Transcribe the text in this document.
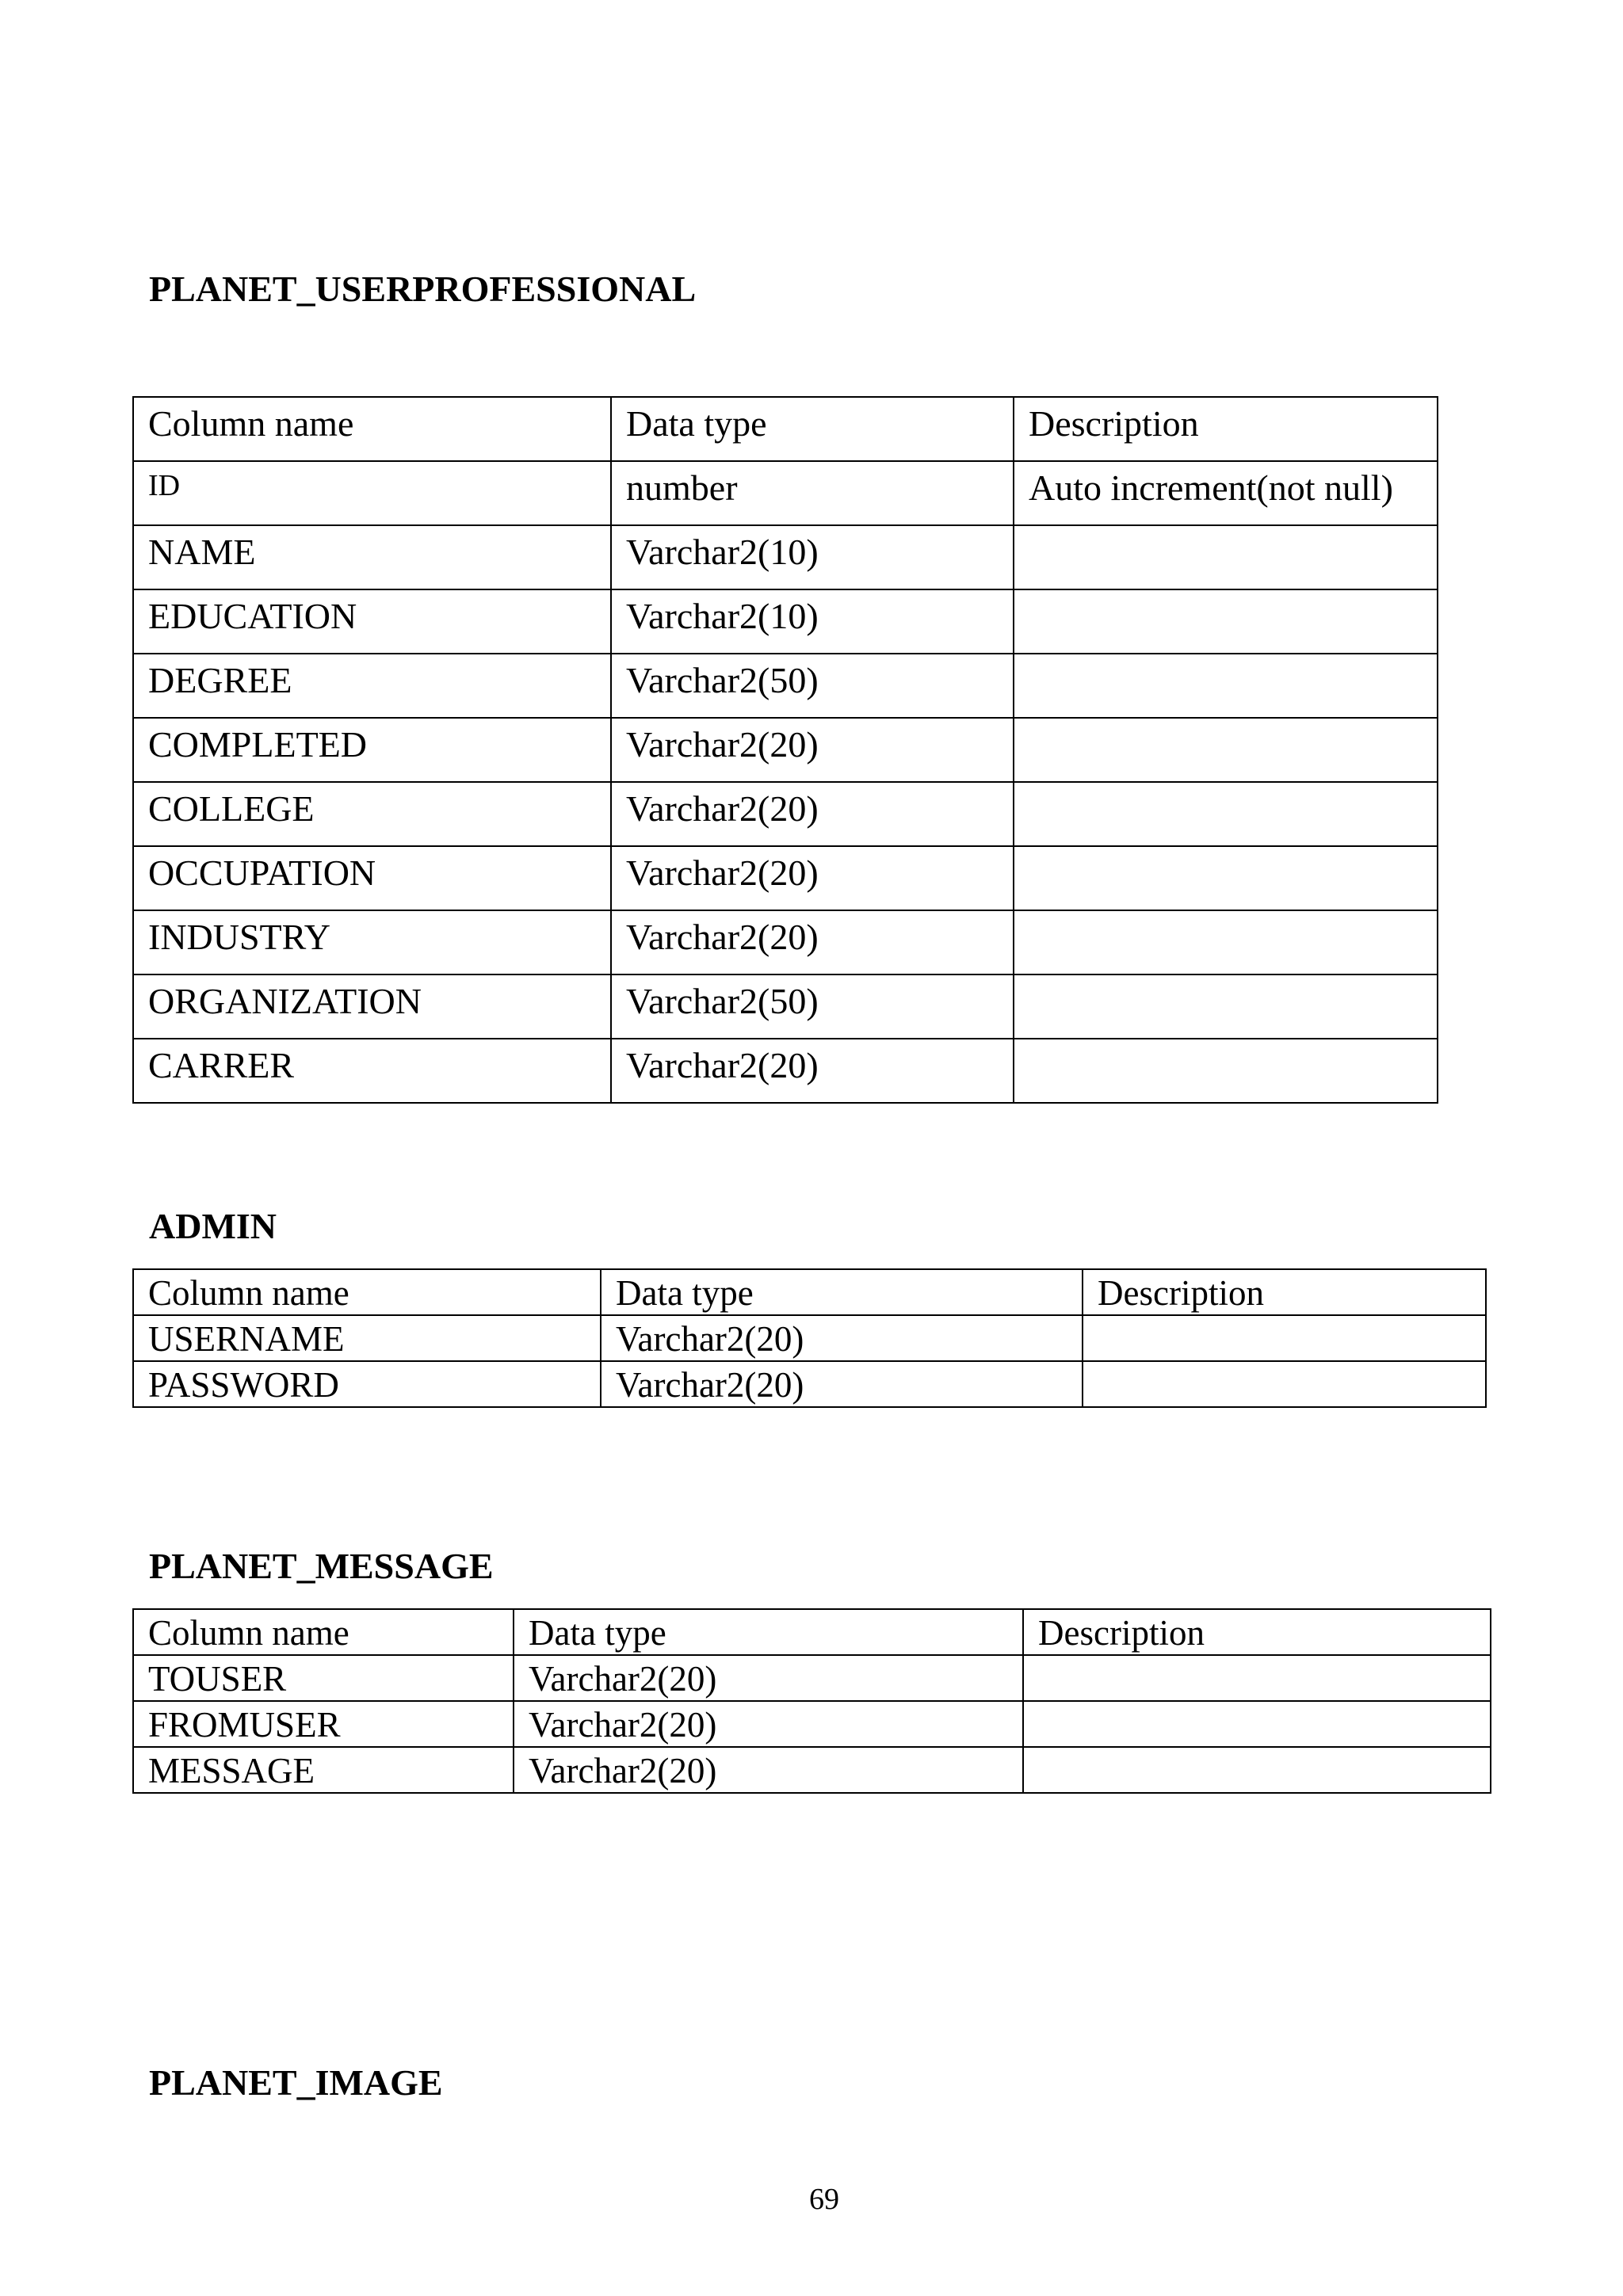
PLANET_USERPROFESSIONAL
Column name	Data type	Description
ID	number	Auto increment(not null)
NAME	Varchar2(10)	
EDUCATION	Varchar2(10)	
DEGREE	Varchar2(50)	
COMPLETED	Varchar2(20)	
COLLEGE	Varchar2(20)	
OCCUPATION	Varchar2(20)	
INDUSTRY	Varchar2(20)	
ORGANIZATION	Varchar2(50)	
CARRER	Varchar2(20)	
ADMIN
Column name	Data type	Description
USERNAME	Varchar2(20)	
PASSWORD	Varchar2(20)	
PLANET_MESSAGE
Column name	Data type	Description
TOUSER	Varchar2(20)	
FROMUSER	Varchar2(20)	
MESSAGE	Varchar2(20)	
PLANET_IMAGE

69
